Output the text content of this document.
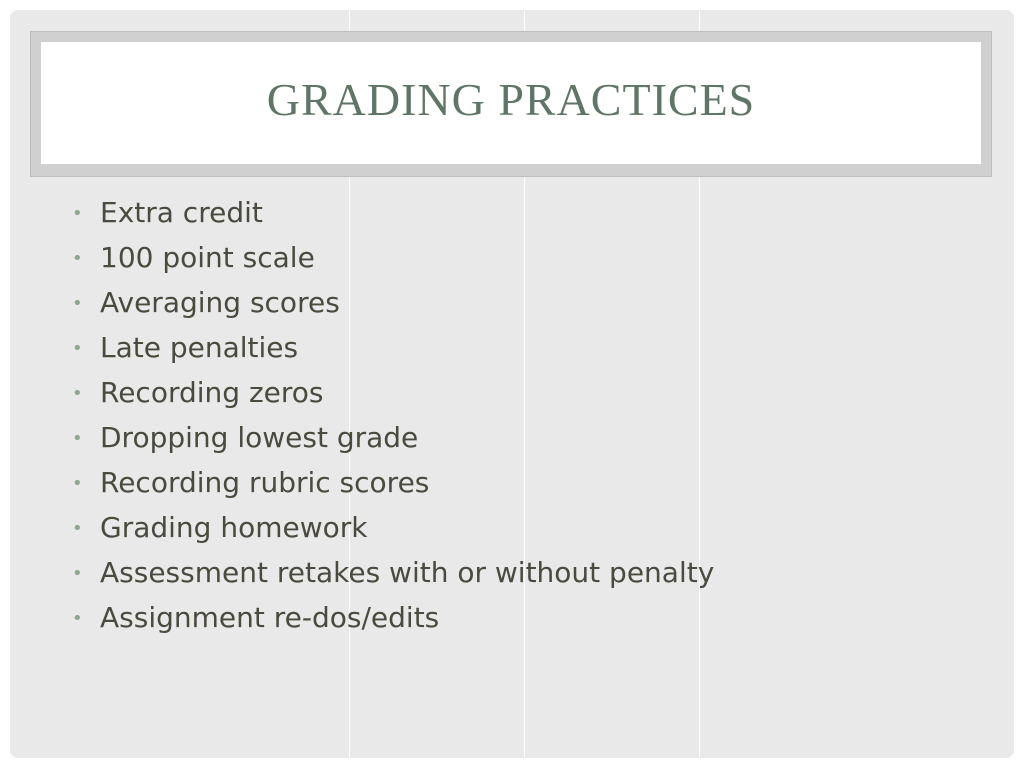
GRADING PRACTICES
• Extra credit
• 100 point scale
• Averaging scores
• Late penalties
• Recording zeros
• Dropping lowest grade
• Recording rubric scores
• Grading homework
• Assessment retakes with or without penalty
• Assignment re-dos/edits
